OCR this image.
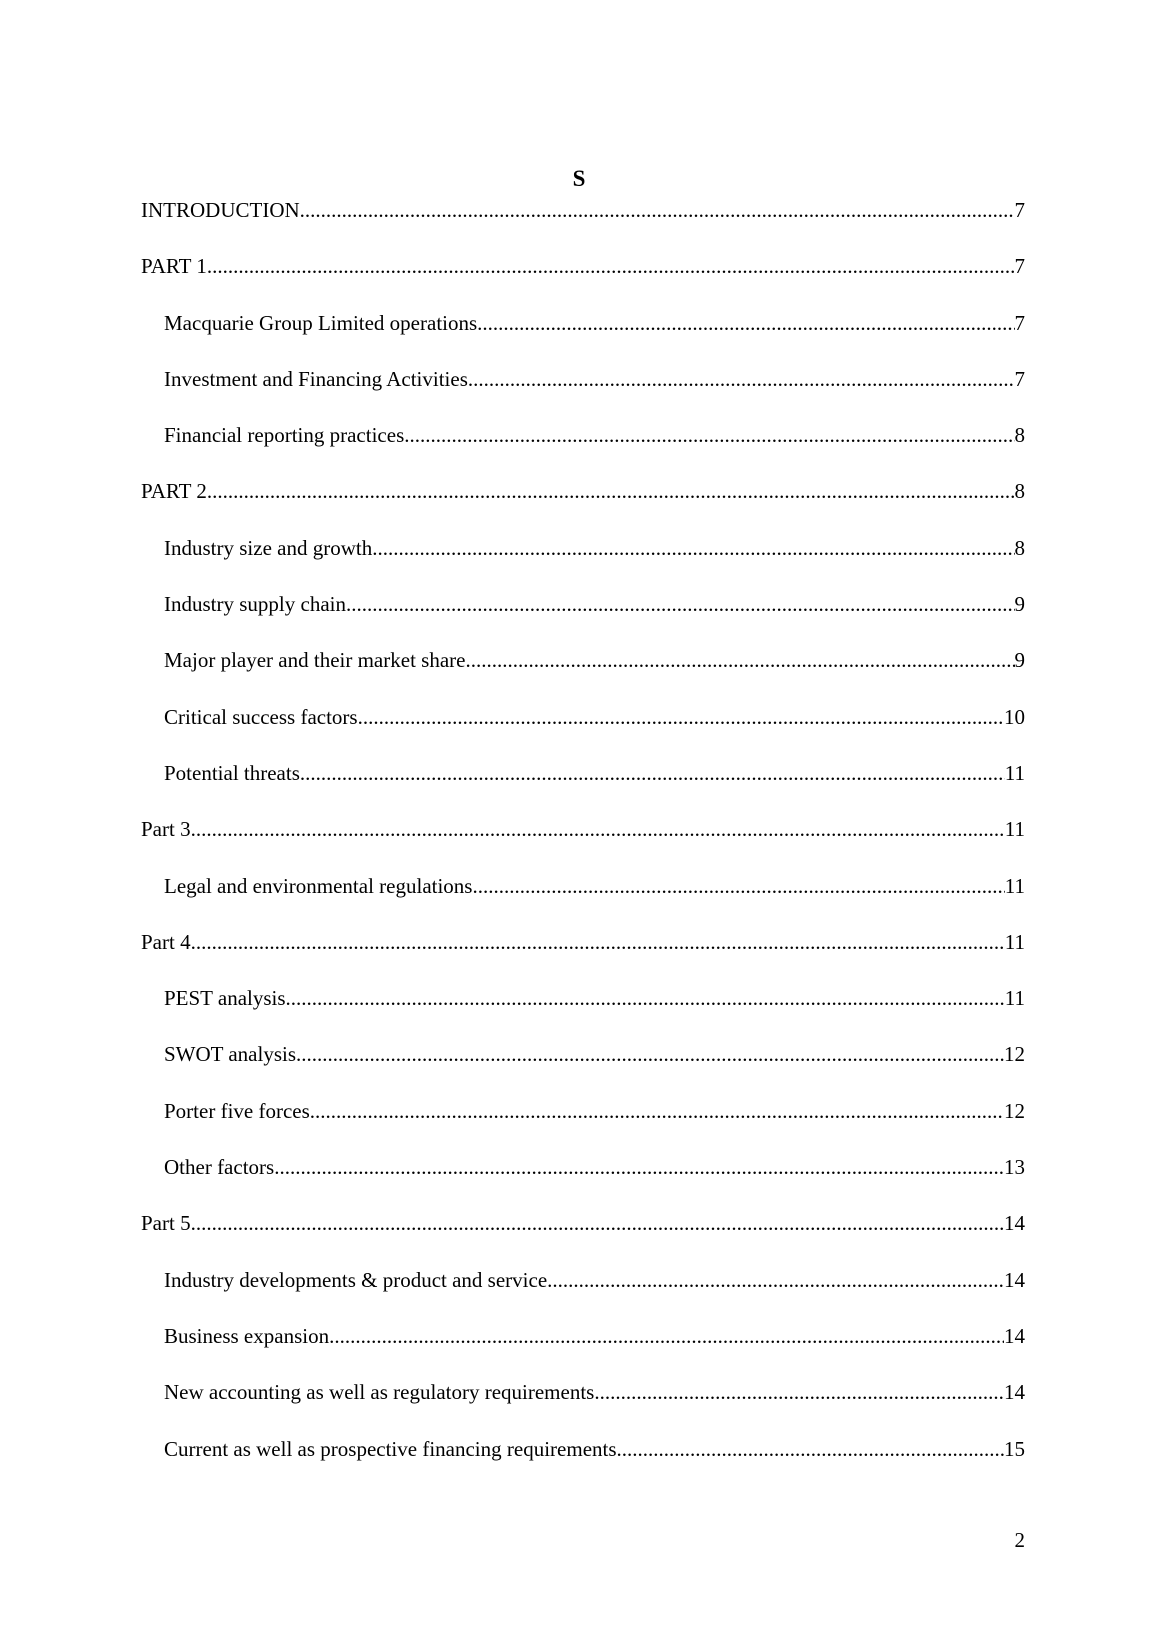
S
INTRODUCTION .....	7
PART 1 .....	7
Macquarie Group Limited operations .....	7
Investment and Financing Activities .....	7
Financial reporting practices .....	8
PART 2 .....	8
Industry size and growth .....	8
Industry supply chain .....	9
Major player and their market share .....	9
Critical success factors .....	10
Potential threats .....	11
Part 3 .....	11
Legal and environmental regulations .....	11
Part 4 .....	11
PEST analysis .....	11
SWOT analysis .....	12
Porter five forces .....	12
Other factors .....	13
Part 5 .....	14
Industry developments & product and service .....	14
Business expansion .....	14
New accounting as well as regulatory requirements .....	14
Current as well as prospective financing requirements .....	15
2
